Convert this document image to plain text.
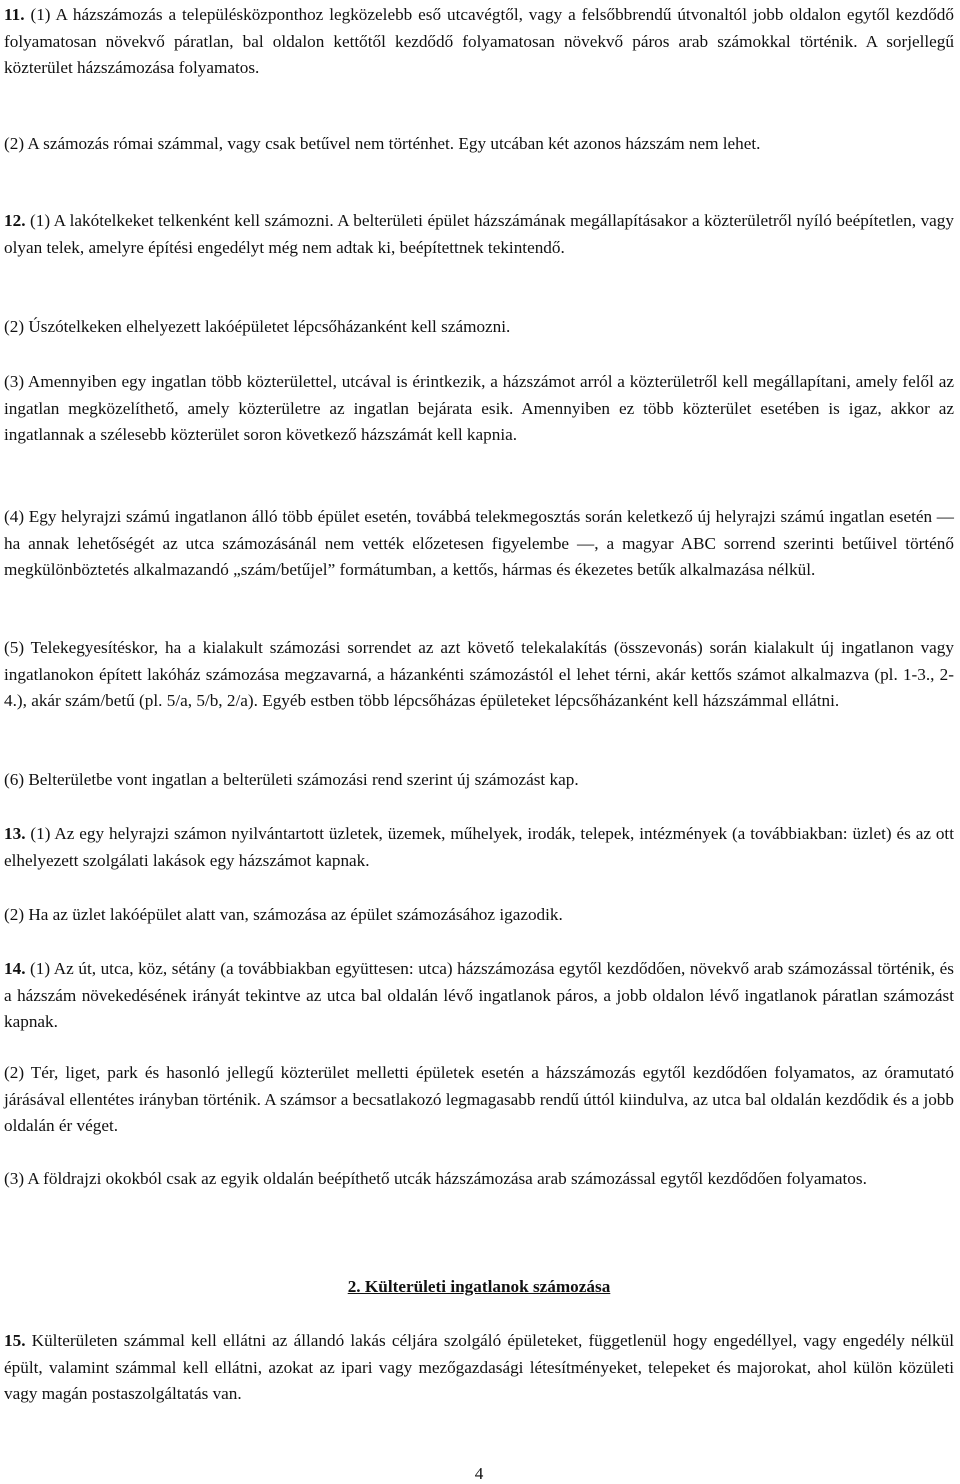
11. (1) A házszámozás a településközponthoz legközelebb eső utcavégtől, vagy a felsőbbrendű útvonaltól jobb oldalon egytől kezdődő folyamatosan növekvő páratlan, bal oldalon kettőtől kezdődő folyamatosan növekvő páros arab számokkal történik. A sorjellegű közterület házszámozása folyamatos.

(2) A számozás római számmal, vagy csak betűvel nem történhet. Egy utcában két azonos házszám nem lehet.

12. (1) A lakótelkeket telkenként kell számozni. A belterületi épület házszámának megállapításakor a közterületről nyíló beépítetlen, vagy olyan telek, amelyre építési engedélyt még nem adtak ki, beépítettnek tekintendő.

(2) Úszótelkeken elhelyezett lakóépületet lépcsőházanként kell számozni.

(3) Amennyiben egy ingatlan több közterülettel, utcával is érintkezik, a házszámot arról a közterületről kell megállapítani, amely felől az ingatlan megközelíthető, amely közterületre az ingatlan bejárata esik. Amennyiben ez több közterület esetében is igaz, akkor az ingatlannak a szélesebb közterület soron következő házszámát kell kapnia.

(4) Egy helyrajzi számú ingatlanon álló több épület esetén, továbbá telekmegosztás során keletkező új helyrajzi számú ingatlan esetén ― ha annak lehetőségét az utca számozásánál nem vették előzetesen figyelembe ―, a magyar ABC sorrend szerinti betűivel történő megkülönböztetés alkalmazandó „szám/betűjel” formátumban, a kettős, hármas és ékezetes betűk alkalmazása nélkül.

(5) Telekegyesítéskor, ha a kialakult számozási sorrendet az azt követő telekalakítás (összevonás) során kialakult új ingatlanon vagy ingatlanokon épített lakóház számozása megzavarná, a házankénti számozástól el lehet térni, akár kettős számot alkalmazva (pl. 1-3., 2-4.), akár szám/betű (pl. 5/a, 5/b, 2/a). Egyéb estben több lépcsőházas épületeket lépcsőházanként kell házszámmal ellátni.

(6) Belterületbe vont ingatlan a belterületi számozási rend szerint új számozást kap.

13. (1) Az egy helyrajzi számon nyilvántartott üzletek, üzemek, műhelyek, irodák, telepek, intézmények (a továbbiakban: üzlet) és az ott elhelyezett szolgálati lakások egy házszámot kapnak.

(2) Ha az üzlet lakóépület alatt van, számozása az épület számozásához igazodik.

14. (1) Az út, utca, köz, sétány (a továbbiakban együttesen: utca) házszámozása egytől kezdődően, növekvő arab számozással történik, és a házszám növekedésének irányát tekintve az utca bal oldalán lévő ingatlanok páros, a jobb oldalon lévő ingatlanok páratlan számozást kapnak.

(2) Tér, liget, park és hasonló jellegű közterület melletti épületek esetén a házszámozás egytől kezdődően folyamatos, az óramutató járásával ellentétes irányban történik. A számsor a becsatlakozó legmagasabb rendű úttól kiindulva, az utca bal oldalán kezdődik és a jobb oldalán ér véget.

(3) A földrajzi okokból csak az egyik oldalán beépíthető utcák házszámozása arab számozással egytől kezdődően folyamatos.

2. Külterületi ingatlanok számozása

15. Külterületen számmal kell ellátni az állandó lakás céljára szolgáló épületeket, függetlenül hogy engedéllyel, vagy engedély nélkül épült, valamint számmal kell ellátni, azokat az ipari vagy mezőgazdasági létesítményeket, telepeket és majorokat, ahol külön közületi vagy magán postaszolgáltatás van.

4
